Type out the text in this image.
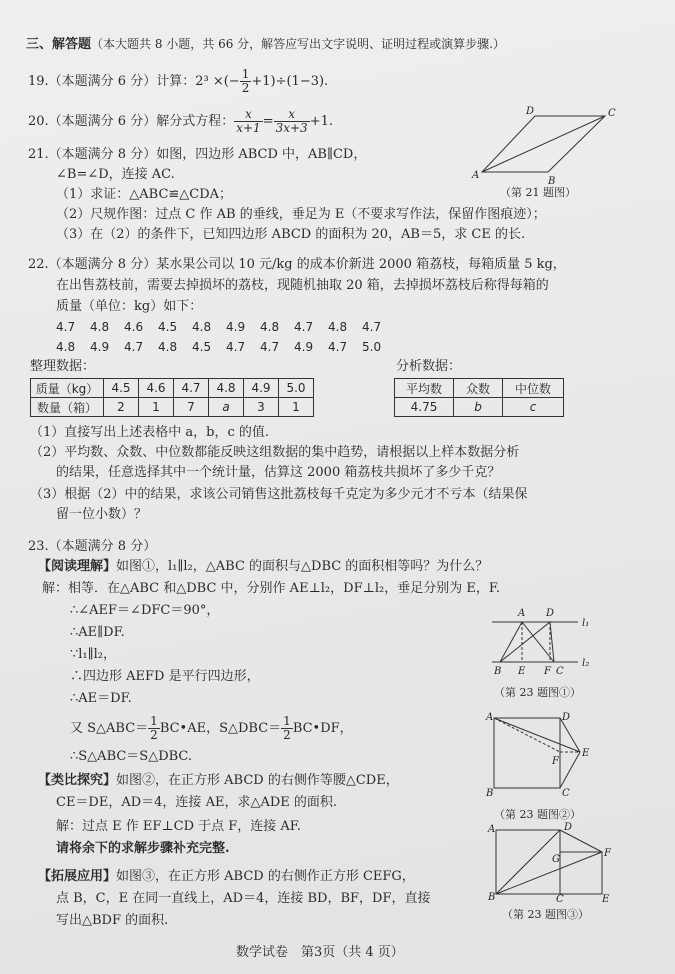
三、解答题（本大题共 8 小题，共 66 分，解答应写出文字说明、证明过程或演算步骤.）
19.（本题满分 6 分）计算：2³ ×(− $\frac{1}{2} +1)\div(1-3)$.
20.（本题满分 6 分）解分式方程： $\frac{x}{x+1} = \frac{x}{3x+3} +1$.
A
B
C
D
（第 21 题图）
21.（本题满分 8 分）如图，四边形 ABCD 中，AB∥CD，
∠B=∠D，连接 AC.
（1）求证：△ABC≌△CDA；
（2）尺规作图：过点 C 作 AB 的垂线，垂足为 E（不要求写作法，保留作图痕迹）；
（3）在（2）的条件下，已知四边形 ABCD 的面积为 20，AB＝5，求 CE 的长.
22.（本题满分 8 分）某水果公司以 10 元/kg 的成本价新进 2000 箱荔枝，每箱质量 5 kg，
在出售荔枝前，需要去掉损坏的荔枝，现随机抽取 20 箱，去掉损坏荔枝后称得每箱的
质量（单位：kg）如下：
4.7 4.8 4.6 4.5 4.8 4.9 4.8 4.7 4.8 4.7
4.8 4.9 4.7 4.8 4.5 4.7 4.7 4.9 4.7 5.0
整理数据：
质量（kg）	4.5	4.6	4.7	4.8	4.9	5.0
数量（箱）	2	1	7	a	3	1
分析数据：
平均数	众数	中位数
4.75	b	c
（1）直接写出上述表格中 a，b，c 的值.
（2）平均数、众数、中位数都能反映这组数据的集中趋势，请根据以上样本数据分析
的结果，任意选择其中一个统计量，估算这 2000 箱荔枝共损坏了多少千克？
（3）根据（2）中的结果，求该公司销售这批荔枝每千克定为多少元才不亏本（结果保
留一位小数）？
23.（本题满分 8 分）
【阅读理解】如图①，l₁∥l₂，△ABC 的面积与△DBC 的面积相等吗？为什么？
解：相等．在△ABC 和△DBC 中，分别作 AE⊥l₂，DF⊥l₂，垂足分别为 E，F.
∴∠AEF＝∠DFC＝90°，
∴AE∥DF.
∵l₁∥l₂，
∴四边形 AEFD 是平行四边形，
∴AE＝DF.
又 S△ABC＝ $\frac{1}{2}$ BC•AE，S△DBC＝ $\frac{1}{2}$ BC•DF，
∴S△ABC＝S△DBC.
【类比探究】如图②，在正方形 ABCD 的右侧作等腰△CDE，
CE＝DE，AD＝4，连接 AE，求△ADE 的面积.
解：过点 E 作 EF⊥CD 于点 F，连接 AF.
请将余下的求解步骤补充完整.
【拓展应用】如图③，在正方形 ABCD 的右侧作正方形 CEFG，
点 B，C，E 在同一直线上，AD＝4，连接 BD，BF，DF，直接
写出△BDF 的面积.
A D
l₁
l₂
B E F C
（第 23 题图①）
A	D
E
F
B	C
（第 23 题图②）
A	D
G
F
B	C	E
（第 23 题图③）
数学试卷　第3页（共 4 页）
